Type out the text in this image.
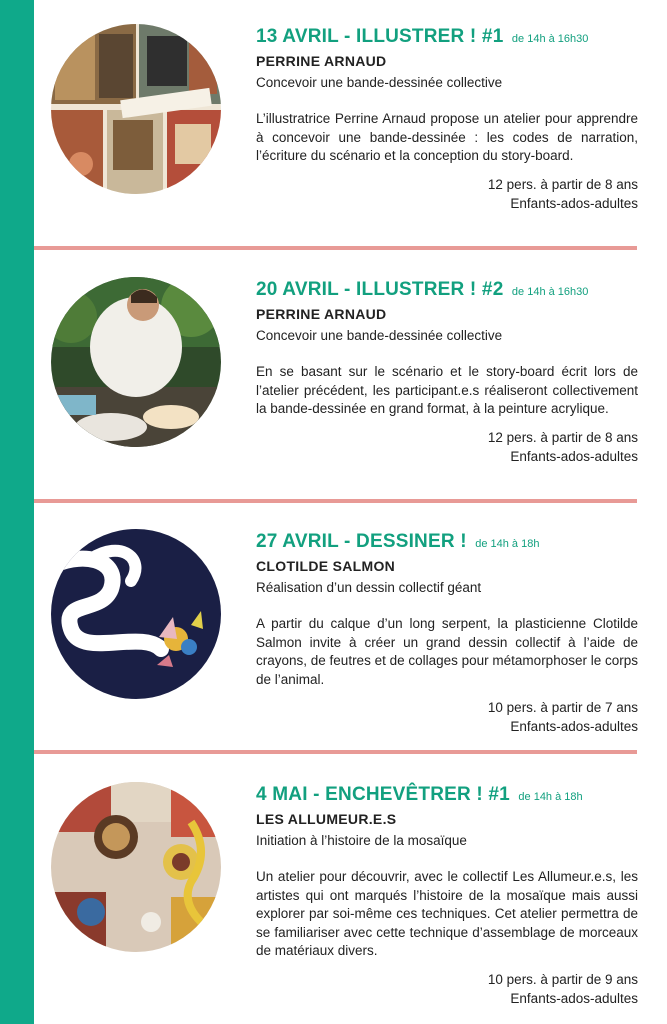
13 AVRIL - ILLUSTRER ! #1 de 14h à 16h30
PERRINE ARNAUD
Concevoir une bande-dessinée collective
L’illustratrice Perrine Arnaud propose un atelier pour apprendre à concevoir une bande-dessinée : les codes de narration, l’écriture du scénario et la conception du story-board.
12 pers. à partir de 8 ans
Enfants-ados-adultes
20 AVRIL - ILLUSTRER ! #2 de 14h à 16h30
PERRINE ARNAUD
Concevoir une bande-dessinée collective
En se basant sur le scénario et le story-board écrit lors de l’atelier précédent, les participant.e.s réaliseront collectivement la bande-dessinée en grand format, à la peinture acrylique.
12 pers. à partir de 8 ans
Enfants-ados-adultes
27 AVRIL - DESSINER ! de 14h à 18h
CLOTILDE SALMON
Réalisation d’un dessin collectif géant
A partir du calque d’un long serpent, la plasticienne Clotilde Salmon invite à créer un grand dessin collectif à l’aide de crayons, de feutres et de collages pour métamorphoser le corps de l’animal.
10 pers. à partir de 7 ans
Enfants-ados-adultes
4 MAI - ENCHEVÊTRER ! #1 de 14h à 18h
LES ALLUMEUR.E.S
Initiation à l’histoire de la mosaïque
Un atelier pour découvrir, avec le collectif Les Allumeur.e.s, les artistes qui ont marqués l’histoire de la mosaïque mais aussi explorer par soi-même ces techniques. Cet atelier permettra de se familiariser avec cette technique d’assemblage de morceaux de matériaux divers.
10 pers. à partir de 9 ans
Enfants-ados-adultes
